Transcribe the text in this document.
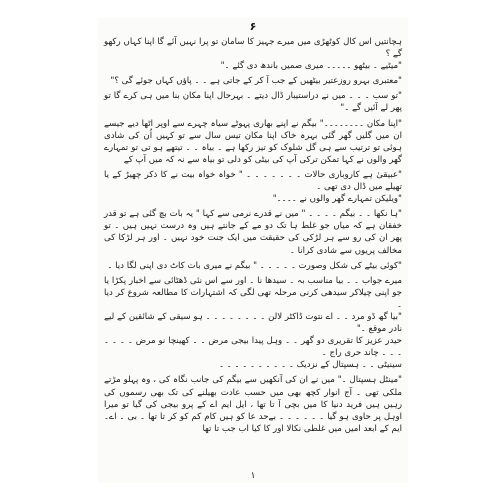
۶

ہچانتیں اس کال کوٹھڑی میں میرے جہیز کا سامان تو پرا نہیں آئے گا اپنا کہاں رکھو گے ؟

"میٹیے ۔ بیٹھو ۔۔۔۔۔ میری صمیں باندھ دی گئے ۔"

"معتبری بہرو روزعتیر بیٹھیں کے جب آ کر کے جاتی ہے ۔ ۔ پاؤں کہاں جوئے گی ؟"

"تو سب ۔ ۔ ۔ میں نے دراستیبار ڈال دیتے ۔ بہرحال اپنا مکان بنا میں ہی کرے گا تو پھر لے آئیں گے ۔"

"اپنا مکان ۔۔۔۔۔۔۔۔" بیگم نے اپنے بھاری پہوٹے سیاہ چہرے سے اوپر اٹھا دیے جیسے ان میں گلیں گھر گئی بہرہ خاک اپنا مکان تیس سال سے تو کہیں اُن کی شادی ہوئی تو ترتیب سے ہی گل شلوک کو تیز رکھا ہے ۔ بیاہ ۔ ۔ تیتھے ہو تی تو تمہارے گھر والوں نے کہا تمکن ترکی آپ کی بیٹی کو دلی تو بیاہ سے نہ کہ میں آپ کے

"عبیقیٰ ہے کاروباری حالات ۔ ۔ ۔ ۔ ۔ ۔ ۔ " خواہ خواہ بیت نے کا ذکر چھیڑ کے یا تھیلے میں ڈال دی تھی ۔

"ویلیکن تمہارے گھر والوں نے ۔۔۔۔"

"ہا نکھا ۔ ۔ بیگم ۔ ۔ ۔ ۔ " میں نے قدرے نرمی سے کہا " یہ بات بچ گئی ہے تو قدر خفقان ہے کہ میاں جو غلط ہا تک دو مے کے جانتے ہیں وہ درست نہیں ہیں ۔ تو پھر ان کی رو سے ہر لڑکی کی حقیقت میں ایک جنت خود نہیں ۔ اور ہر لڑکا کی مخالف پریوں سے شادی کرانا ۔

"کوئی بیٹے کی شکل وصورت ۔ ۔ ۔ ۔ ۔ " بیگم نے میری بات کاٹ دی اپنی لگا دیا ۔

میرے جواب ۔ ۔ بیا مناسب بہ ۔ سیدھا نا ۔ اور سے اس نئی ڈھٹائی سے اخبار پکڑا یا جو اپنی چیلاکر سیدھی کرنی مرحلہ تھی لگی کہ اشتہارات کا مطالعہ شروع کر دیا ۔

"بیا گھ ڈو مرد ۔ ۔ اے نتوت ڈاکٹر لالن ۔ ۔ ۔ ۔ ۔ ۔ ۔ ۔ ہو سیقی کے شائقین کے لیے نادر موقع ۔"

حیدر عزیز کا تقریری دو گھر ۔ ۔ وہل پیدا بیجی مرض ۔ ۔ کھینچا نو مرض ۔ ۔ ۔ ۔ ۔ ۔ ۔ چاند حری راج ۔

سینیٹی ۔ ۔ ہسپتال کے نزدیک ۔ ۔ ۔ ۔ ۔ ۔ ۔ ۔ ۔ ۔

"مینٹل ہسپتال ۔" میں نے ان کی آنکھیں سے بیگم کی جانب نگاہ کی ، وہ پہلو مڑتے ملکی تھی ۔ آج انوار کچھ بھی میں حسب عادت بھیلنے کی تک بھی رسموں کی رہیں ہیں فرید دنیا کا میں بچی آ تا تھا ، ایل ایم اے کے پرو بیجی کی گیا تو میرا اوہل پر حاوی ہو گیا ۔ ۔ ۔ ۔ ۔ ۔ بےحد عا کو ہیں کام کم کو کر تا تھا ۔ بی ۔ اے۔ ایم کے ابعد امیں میں غلطی نکالا اور کا کیا اب جب تا تھا

۱
